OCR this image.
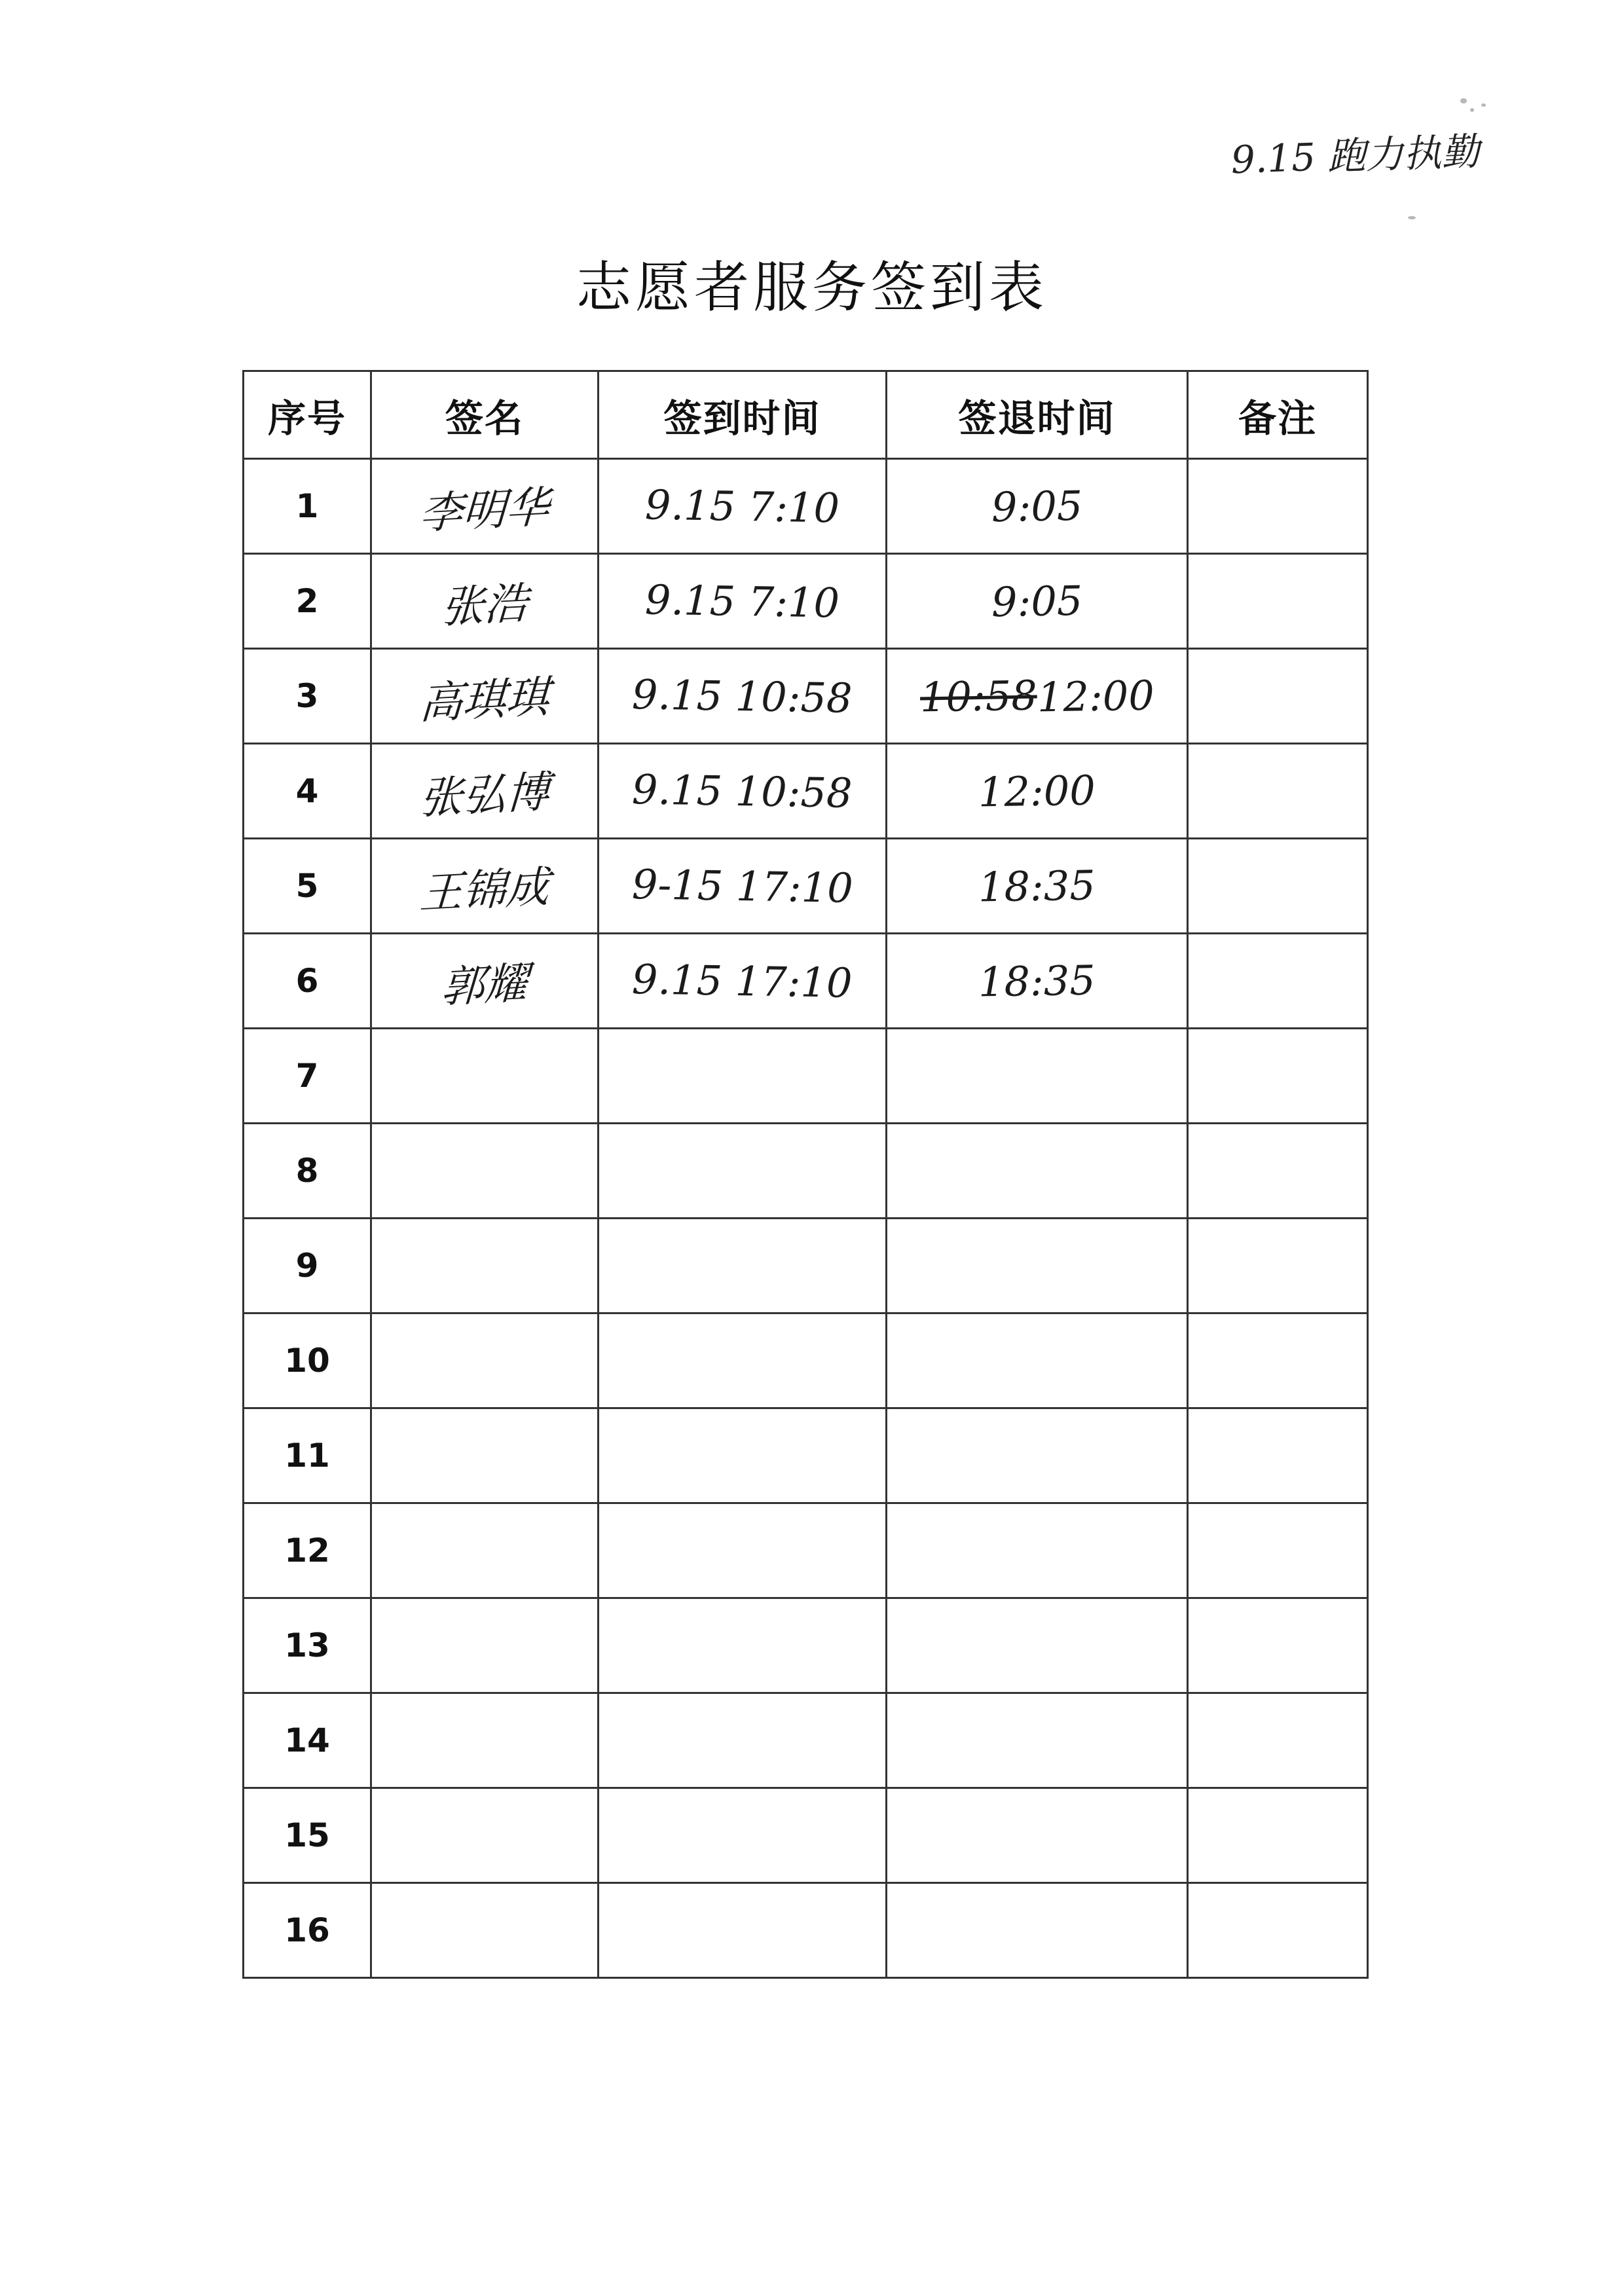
9.15 跑力执勤
志愿者服务签到表
序号	签名	签到时间	签退时间	备注
1	李明华	9.15 7:10	9:05	
2	张浩	9.15 7:10	9:05	
3	高琪琪	9.15 10:58	10:5812:00	
4	张弘博	9.15 10:58	12:00	
5	王锦成	9-15 17:10	18:35	
6	郭耀	9.15 17:10	18:35	
7				
8				
9				
10				
11				
12				
13				
14				
15				
16				
